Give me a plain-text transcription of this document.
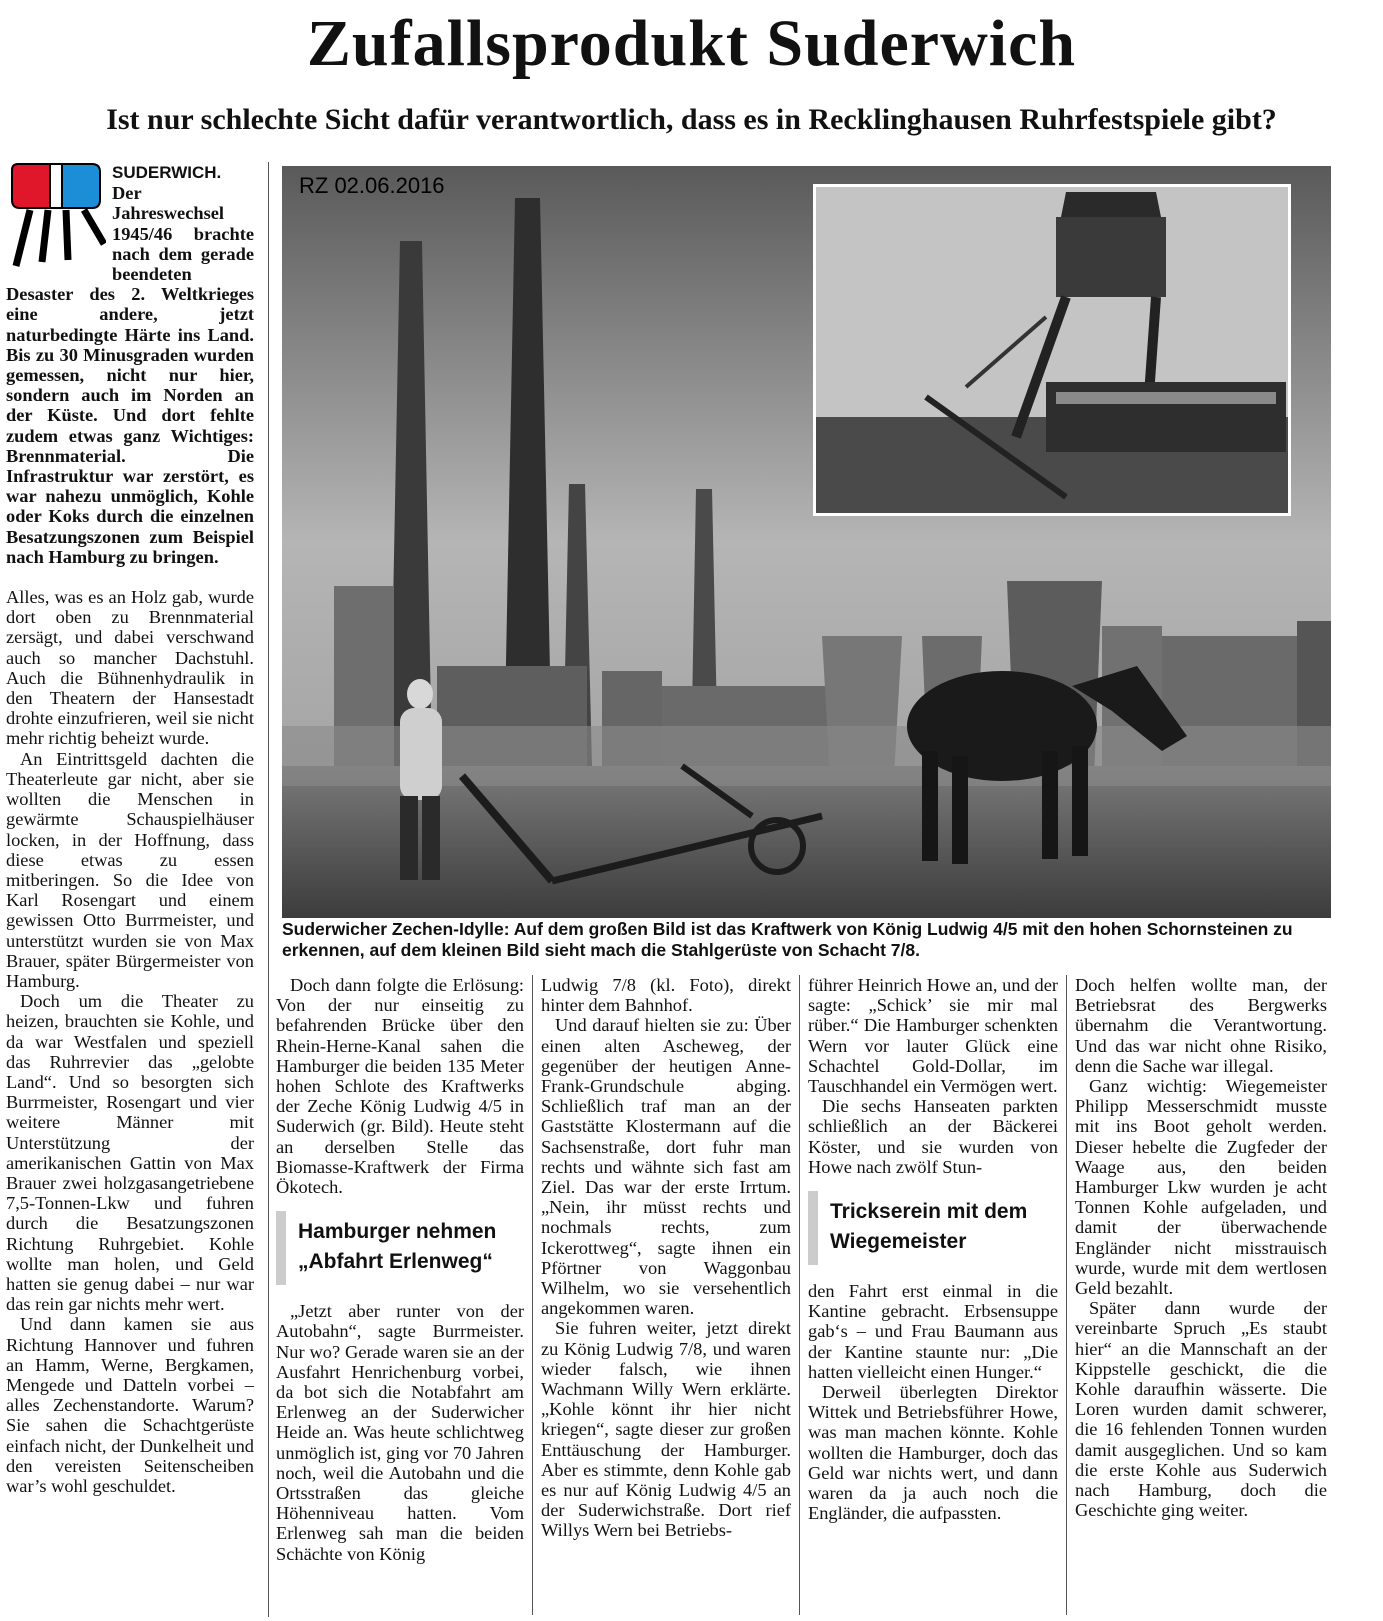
Zufallsprodukt Suderwich
Ist nur schlechte Sicht dafür verantwortlich, dass es in Recklinghausen Ruhrfestspiele gibt?

SUDERWICH. Der Jahreswechsel 1945/46 brachte nach dem gerade beendeten Desaster des 2. Weltkrieges eine andere, jetzt naturbedingte Härte ins Land. Bis zu 30 Minusgraden wurden gemessen, nicht nur hier, sondern auch im Norden an der Küste. Und dort fehlte zudem etwas ganz Wichtiges: Brennmaterial. Die Infrastruktur war zerstört, es war nahezu unmöglich, Kohle oder Koks durch die einzelnen Besatzungszonen zum Beispiel nach Hamburg zu bringen.

Alles, was es an Holz gab, wurde dort oben zu Brennmaterial zersägt, und dabei verschwand auch so mancher Dachstuhl. Auch die Bühnenhydraulik in den Theatern der Hansestadt drohte einzufrieren, weil sie nicht mehr richtig beheizt wurde.

An Eintrittsgeld dachten die Theaterleute gar nicht, aber sie wollten die Menschen in gewärmte Schauspielhäuser locken, in der Hoffnung, dass diese etwas zu essen mitberingen. So die Idee von Karl Rosengart und einem gewissen Otto Burrmeister, und unterstützt wurden sie von Max Brauer, später Bürgermeister von Hamburg.

Doch um die Theater zu heizen, brauchten sie Kohle, und da war Westfalen und speziell das Ruhrrevier das „gelobte Land“. Und so besorgten sich Burrmeister, Rosengart und vier weitere Männer mit Unterstützung der amerikanischen Gattin von Max Brauer zwei holzgasangetriebene 7,5-Tonnen-Lkw und fuhren durch die Besatzungszonen Richtung Ruhrgebiet. Kohle wollte man holen, und Geld hatten sie genug dabei – nur war das rein gar nichts mehr wert.

Und dann kamen sie aus Richtung Hannover und fuhren an Hamm, Werne, Bergkamen, Mengede und Datteln vorbei – alles Zechenstandorte. Warum? Sie sahen die Schachtgerüste einfach nicht, der Dunkelheit und den vereisten Seitenscheiben war’s wohl geschuldet.

RZ 02.06.2016
Suderwicher Zechen-Idylle: Auf dem großen Bild ist das Kraftwerk von König Ludwig 4/5 mit den hohen Schornsteinen zu erkennen, auf dem kleinen Bild sieht mach die Stahlgerüste von Schacht 7/8.

Doch dann folgte die Erlösung: Von der nur einseitig zu befahrenden Brücke über den Rhein-Herne-Kanal sahen die Hamburger die beiden 135 Meter hohen Schlote des Kraftwerks der Zeche König Ludwig 4/5 in Suderwich (gr. Bild). Heute steht an derselben Stelle das Biomasse-Kraftwerk der Firma Ökotech.

Hamburger nehmen „Abfahrt Erlenweg“

„Jetzt aber runter von der Autobahn“, sagte Burrmeister. Nur wo? Gerade waren sie an der Ausfahrt Henrichenburg vorbei, da bot sich die Notabfahrt am Erlenweg an der Suderwicher Heide an. Was heute schlichtweg unmöglich ist, ging vor 70 Jahren noch, weil die Autobahn und die Ortsstraßen das gleiche Höhenniveau hatten. Vom Erlenweg sah man die beiden Schächte von König

Ludwig 7/8 (kl. Foto), direkt hinter dem Bahnhof.

Und darauf hielten sie zu: Über einen alten Ascheweg, der gegenüber der heutigen Anne-Frank-Grundschule abging. Schließlich traf man an der Gaststätte Klostermann auf die Sachsenstraße, dort fuhr man rechts und wähnte sich fast am Ziel. Das war der erste Irrtum. „Nein, ihr müsst rechts und nochmals rechts, zum Ickerottweg“, sagte ihnen ein Pförtner von Waggonbau Wilhelm, wo sie versehentlich angekommen waren.

Sie fuhren weiter, jetzt direkt zu König Ludwig 7/8, und waren wieder falsch, wie ihnen Wachmann Willy Wern erklärte. „Kohle könnt ihr hier nicht kriegen“, sagte dieser zur großen Enttäuschung der Hamburger. Aber es stimmte, denn Kohle gab es nur auf König Ludwig 4/5 an der Suderwichstraße. Dort rief Willys Wern bei Betriebs-

führer Heinrich Howe an, und der sagte: „Schick’ sie mir mal rüber.“ Die Hamburger schenkten Wern vor lauter Glück eine Schachtel Gold-Dollar, im Tauschhandel ein Vermögen wert.

Die sechs Hanseaten parkten schließlich an der Bäckerei Köster, und sie wurden von Howe nach zwölf Stun-

Trickserein mit dem Wiegemeister

den Fahrt erst einmal in die Kantine gebracht. Erbsensuppe gab‘s – und Frau Baumann aus der Kantine staunte nur: „Die hatten vielleicht einen Hunger.“

Derweil überlegten Direktor Wittek und Betriebsführer Howe, was man machen könnte. Kohle wollten die Hamburger, doch das Geld war nichts wert, und dann waren da ja auch noch die Engländer, die aufpassten.

Doch helfen wollte man, der Betriebsrat des Bergwerks übernahm die Verantwortung. Und das war nicht ohne Risiko, denn die Sache war illegal.

Ganz wichtig: Wiegemeister Philipp Messerschmidt musste mit ins Boot geholt werden. Dieser hebelte die Zugfeder der Waage aus, den beiden Hamburger Lkw wurden je acht Tonnen Kohle aufgeladen, und damit der überwachende Engländer nicht misstrauisch wurde, wurde mit dem wertlosen Geld bezahlt.

Später dann wurde der vereinbarte Spruch „Es staubt hier“ an die Mannschaft an der Kippstelle geschickt, die die Kohle daraufhin wässerte. Die Loren wurden damit schwerer, die 16 fehlenden Tonnen wurden damit ausgeglichen. Und so kam die erste Kohle aus Suderwich nach Hamburg, doch die Geschichte ging weiter.
